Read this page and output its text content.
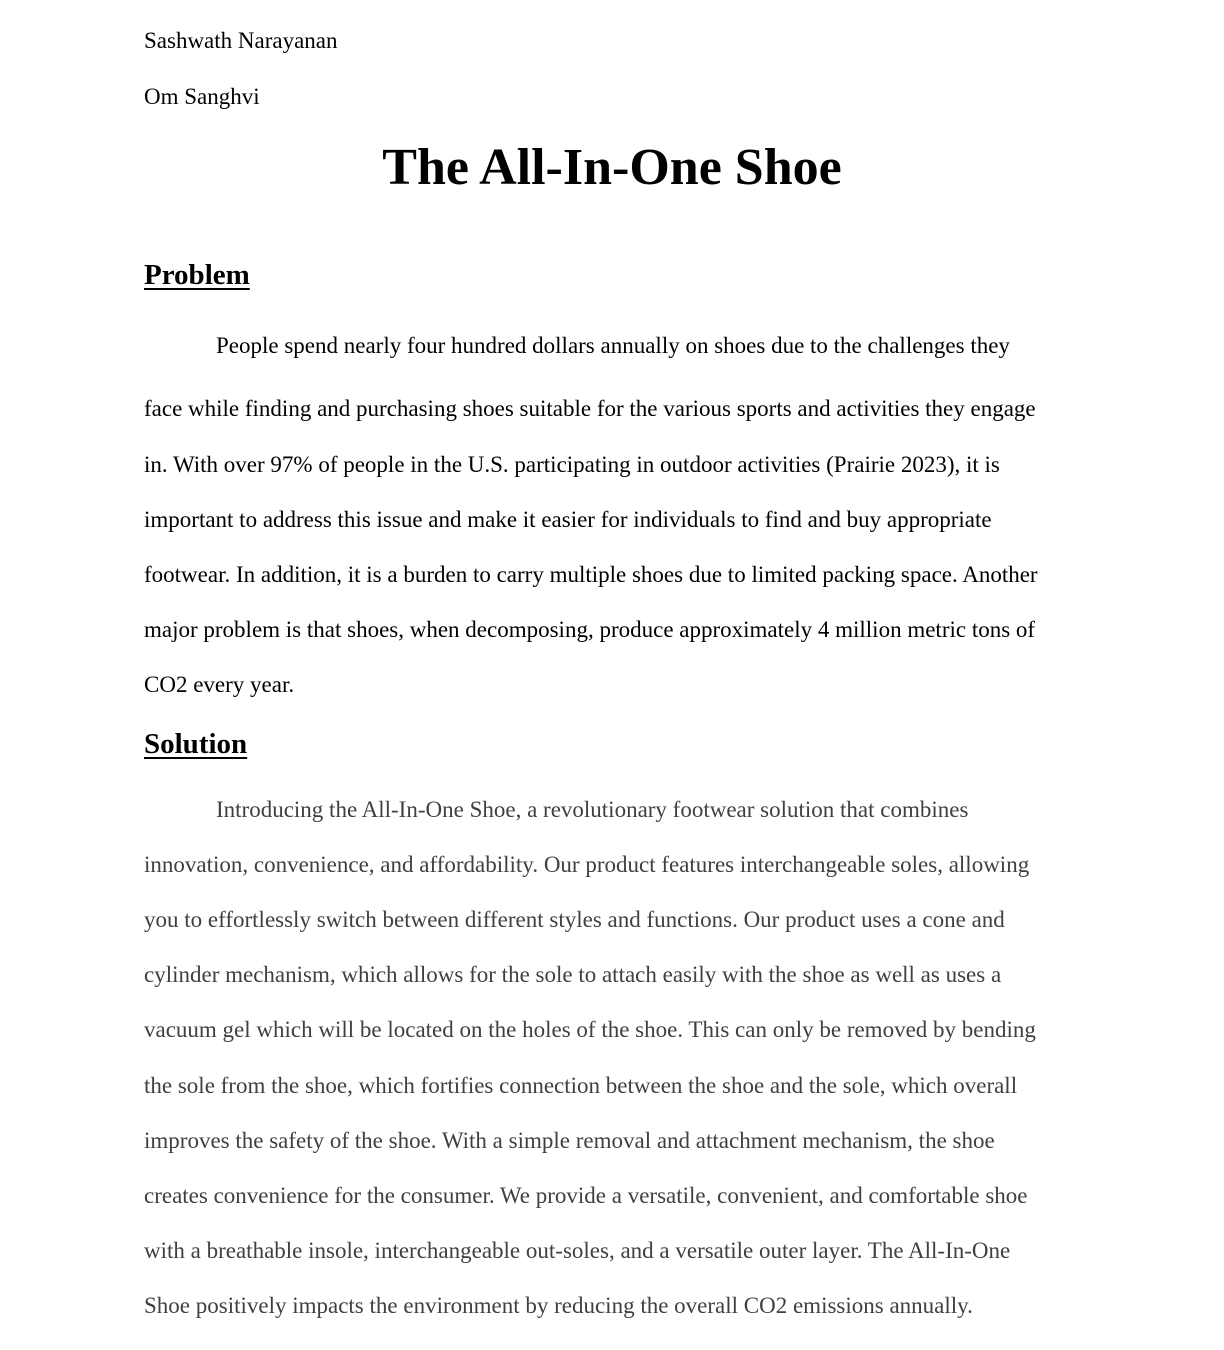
Sashwath Narayanan
Om Sanghvi
The All-In-One Shoe
Problem
People spend nearly four hundred dollars annually on shoes due to the challenges they
face while finding and purchasing shoes suitable for the various sports and activities they engage
in. With over 97% of people in the U.S. participating in outdoor activities (Prairie 2023), it is
important to address this issue and make it easier for individuals to find and buy appropriate
footwear. In addition, it is a burden to carry multiple shoes due to limited packing space. Another
major problem is that shoes, when decomposing, produce approximately 4 million metric tons of
CO2 every year.
Solution
Introducing the All-In-One Shoe, a revolutionary footwear solution that combines
innovation, convenience, and affordability. Our product features interchangeable soles, allowing
you to effortlessly switch between different styles and functions. Our product uses a cone and
cylinder mechanism, which allows for the sole to attach easily with the shoe as well as uses a
vacuum gel which will be located on the holes of the shoe. This can only be removed by bending
the sole from the shoe, which fortifies connection between the shoe and the sole, which overall
improves the safety of the shoe. With a simple removal and attachment mechanism, the shoe
creates convenience for the consumer. We provide a versatile, convenient, and comfortable shoe
with a breathable insole, interchangeable out-soles, and a versatile outer layer. The All-In-One
Shoe positively impacts the environment by reducing the overall CO2 emissions annually.
